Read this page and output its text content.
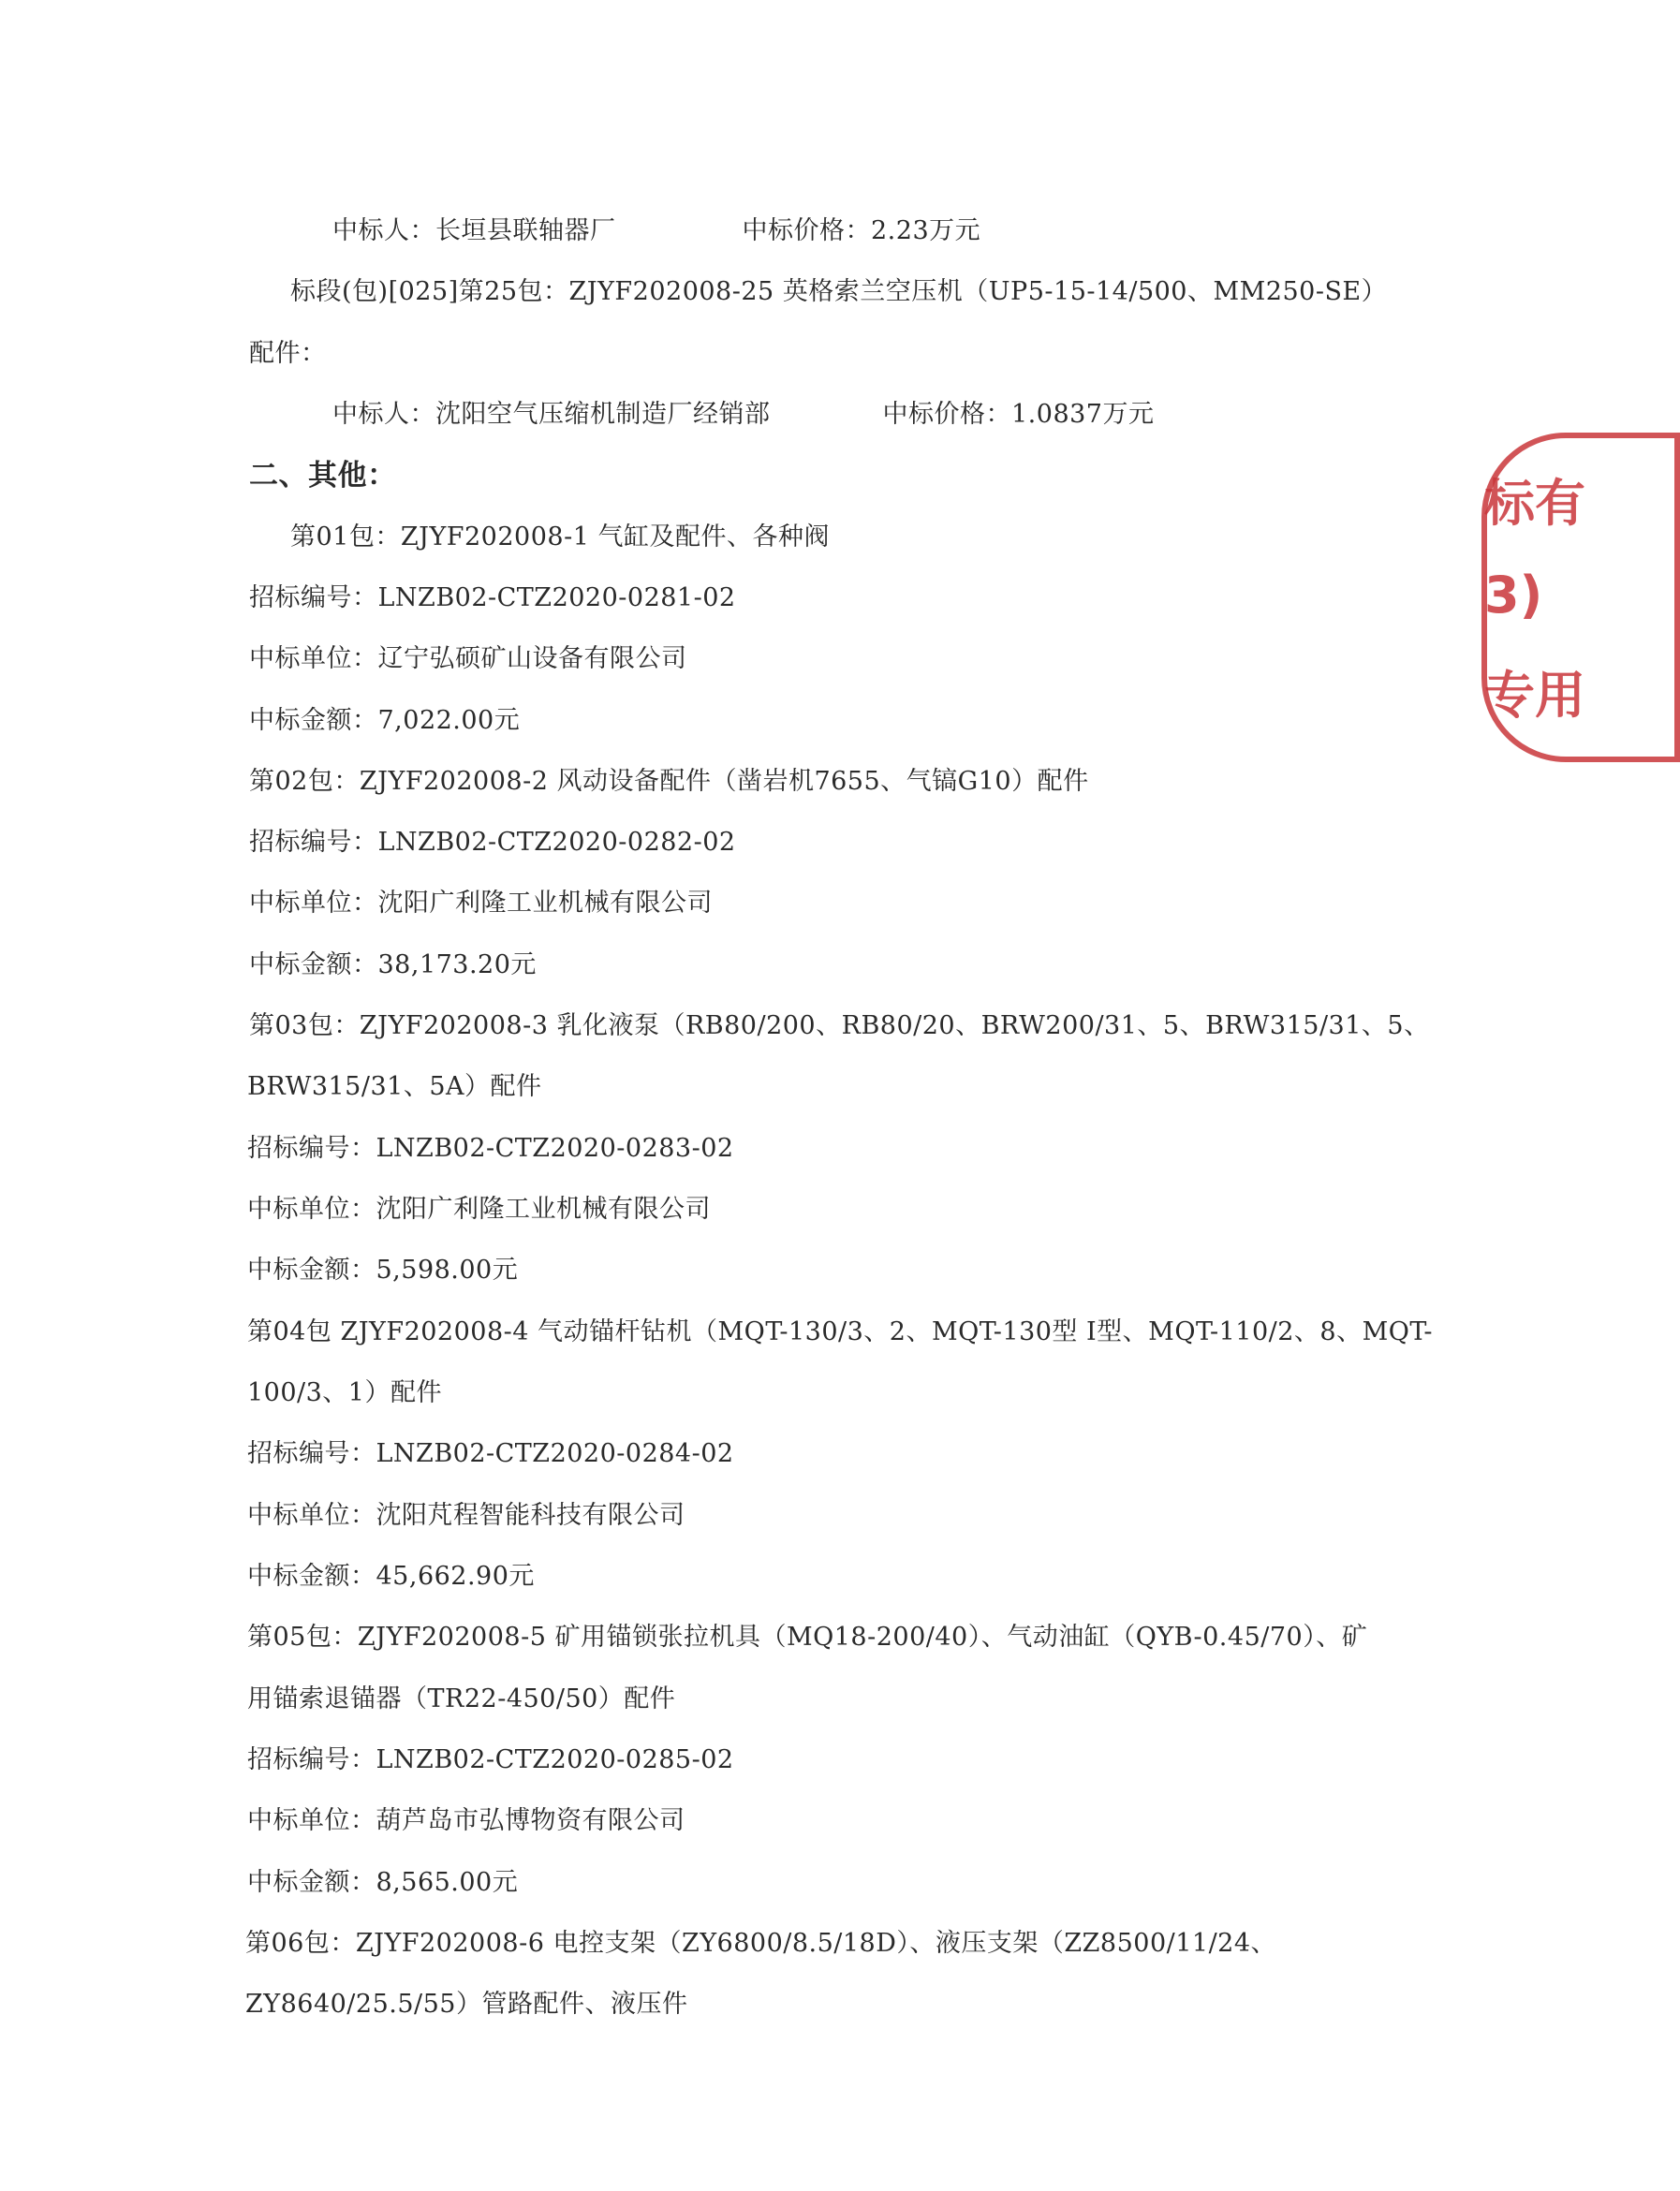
中标人：长垣县联轴器厂	中标价格：2.23万元
标段(包)[025]第25包：ZJYF202008-25 英格索兰空压机（UP5-15-14/500、MM250-SE）
配件：
中标人：沈阳空气压缩机制造厂经销部	中标价格：1.0837万元
二、其他：
第01包：ZJYF202008-1 气缸及配件、各种阀
招标编号：LNZB02-CTZ2020-0281-02
中标单位：辽宁弘硕矿山设备有限公司
中标金额：7,022.00元
第02包：ZJYF202008-2 风动设备配件（凿岩机7655、气镐G10）配件
招标编号：LNZB02-CTZ2020-0282-02
中标单位：沈阳广利隆工业机械有限公司
中标金额：38,173.20元
第03包：ZJYF202008-3 乳化液泵（RB80/200、RB80/20、BRW200/31、5、BRW315/31、5、
BRW315/31、5A）配件
招标编号：LNZB02-CTZ2020-0283-02
中标单位：沈阳广利隆工业机械有限公司
中标金额：5,598.00元
第04包 ZJYF202008-4 气动锚杆钻机（MQT-130/3、2、MQT-130型 I型、MQT-110/2、8、MQT-
100/3、1）配件
招标编号：LNZB02-CTZ2020-0284-02
中标单位：沈阳芃程智能科技有限公司
中标金额：45,662.90元
第05包：ZJYF202008-5 矿用锚锁张拉机具（MQ18-200/40）、气动油缸（QYB-0.45/70）、矿
用锚索退锚器（TR22-450/50）配件
招标编号：LNZB02-CTZ2020-0285-02
中标单位：葫芦岛市弘博物资有限公司
中标金额：8,565.00元
第06包：ZJYF202008-6 电控支架（ZY6800/8.5/18D）、液压支架（ZZ8500/11/24、
ZY8640/25.5/55）管路配件、液压件
标有
3)
专用
